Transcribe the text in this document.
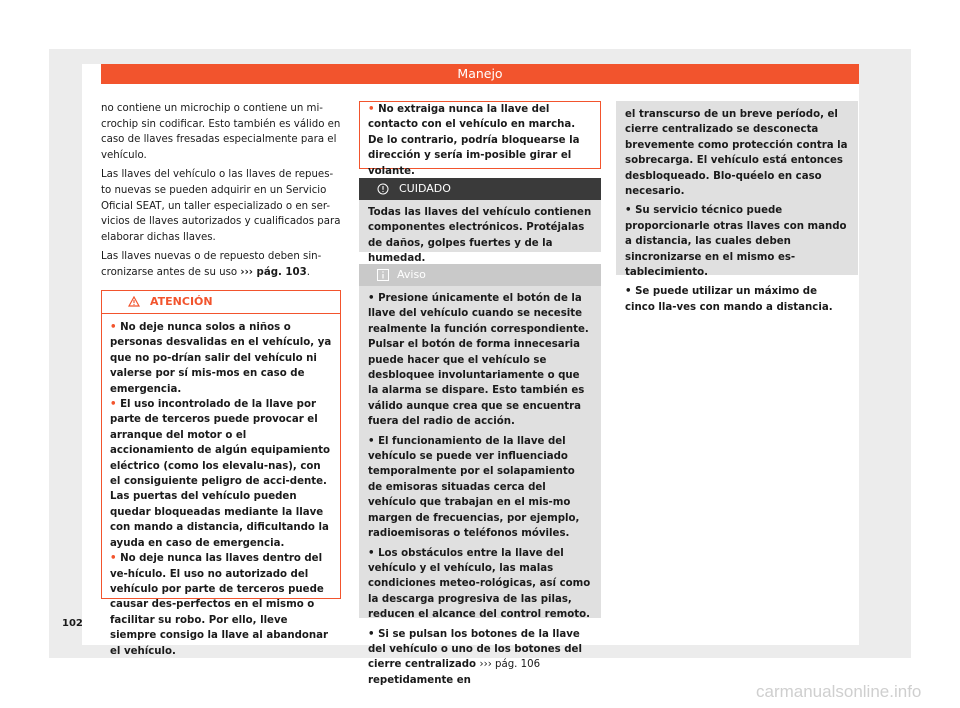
Manejo

no contiene un microchip o contiene un mi-crochip sin codificar. Esto también es válido en caso de llaves fresadas especialmente para el vehículo.

Las llaves del vehículo o las llaves de repues-to nuevas se pueden adquirir en un Servicio Oficial SEAT, un taller especializado o en ser-vicios de llaves autorizados y cualificados para elaborar dichas llaves.

Las llaves nuevas o de repuesto deben sin-cronizarse antes de su uso ››› pág. 103.

ATENCIÓN
• No deje nunca solos a niños o personas desvalidas en el vehículo, ya que no po-drían salir del vehículo ni valerse por sí mis-mos en caso de emergencia.
• El uso incontrolado de la llave por parte de terceros puede provocar el arranque del motor o el accionamiento de algún equipamiento eléctrico (como los elevalu-nas), con el consiguiente peligro de acci-dente. Las puertas del vehículo pueden quedar bloqueadas mediante la llave con mando a distancia, dificultando la ayuda en caso de emergencia.
• No deje nunca las llaves dentro del ve-hículo. El uso no autorizado del vehículo por parte de terceros puede causar des-perfectos en el mismo o facilitar su robo. Por ello, lleve siempre consigo la llave al abandonar el vehículo.
• No extraiga nunca la llave del contacto con el vehículo en marcha. De lo contrario, podría bloquearse la dirección y sería im-posible girar el volante.
CUIDADO

Todas las llaves del vehículo contienen componentes electrónicos. Protéjalas de daños, golpes fuertes y de la humedad.

Aviso

• Presione únicamente el botón de la llave del vehículo cuando se necesite realmente la función correspondiente. Pulsar el botón de forma innecesaria puede hacer que el vehículo se desbloquee involuntariamente o que la alarma se dispare. Esto también es válido aunque crea que se encuentra fuera del radio de acción.

• El funcionamiento de la llave del vehículo se puede ver influenciado temporalmente por el solapamiento de emisoras situadas cerca del vehículo que trabajan en el mis-mo margen de frecuencias, por ejemplo, radioemisoras o teléfonos móviles.

• Los obstáculos entre la llave del vehículo y el vehículo, las malas condiciones meteo-rológicas, así como la descarga progresiva de las pilas, reducen el alcance del control remoto.

• Si se pulsan los botones de la llave del vehículo o uno de los botones del cierre centralizado ››› pág. 106 repetidamente en

el transcurso de un breve período, el cierre centralizado se desconecta brevemente como protección contra la sobrecarga. El vehículo está entonces desbloqueado. Blo-quéelo en caso necesario.

• Su servicio técnico puede proporcionarle otras llaves con mando a distancia, las cuales deben sincronizarse en el mismo es-tablecimiento.

• Se puede utilizar un máximo de cinco lla-ves con mando a distancia.

102
carmanualsonline.info
